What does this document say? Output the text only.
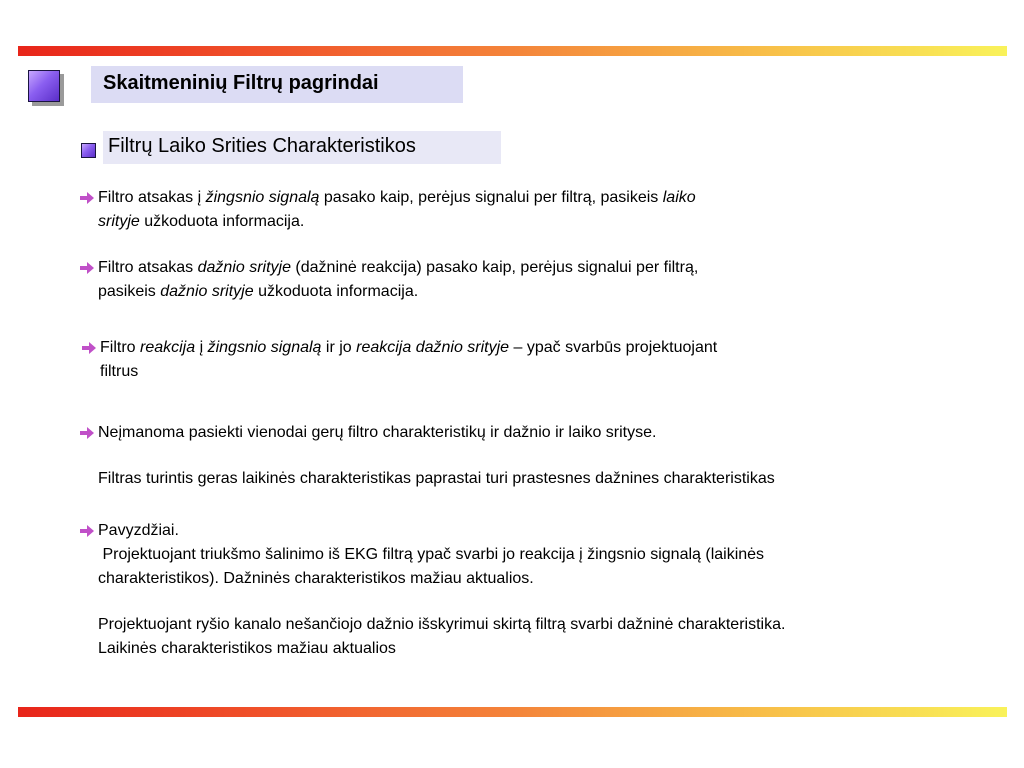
Skaitmeninių Filtrų pagrindai
Filtrų Laiko Srities Charakteristikos
Filtro atsakas į žingsnio signalą pasako kaip, perėjus signalui per filtrą, pasikeis laiko
srityje užkoduota informacija.
Filtro atsakas dažnio srityje (dažninė reakcija) pasako kaip, perėjus signalui per filtrą,
pasikeis dažnio srityje užkoduota informacija.
Filtro reakcija į žingsnio signalą ir jo reakcija dažnio srityje – ypač svarbūs projektuojant
filtrus
Neįmanoma pasiekti vienodai gerų filtro charakteristikų ir dažnio ir laiko srityse.
Filtras turintis geras laikinės charakteristikas paprastai turi prastesnes dažnines charakteristikas
Pavyzdžiai.
Projektuojant triukšmo šalinimo iš EKG filtrą ypač svarbi jo reakcija į žingsnio signalą (laikinės
charakteristikos). Dažninės charakteristikos mažiau aktualios.
Projektuojant ryšio kanalo nešančiojo dažnio išskyrimui skirtą filtrą svarbi dažninė charakteristika.
Laikinės charakteristikos mažiau aktualios
